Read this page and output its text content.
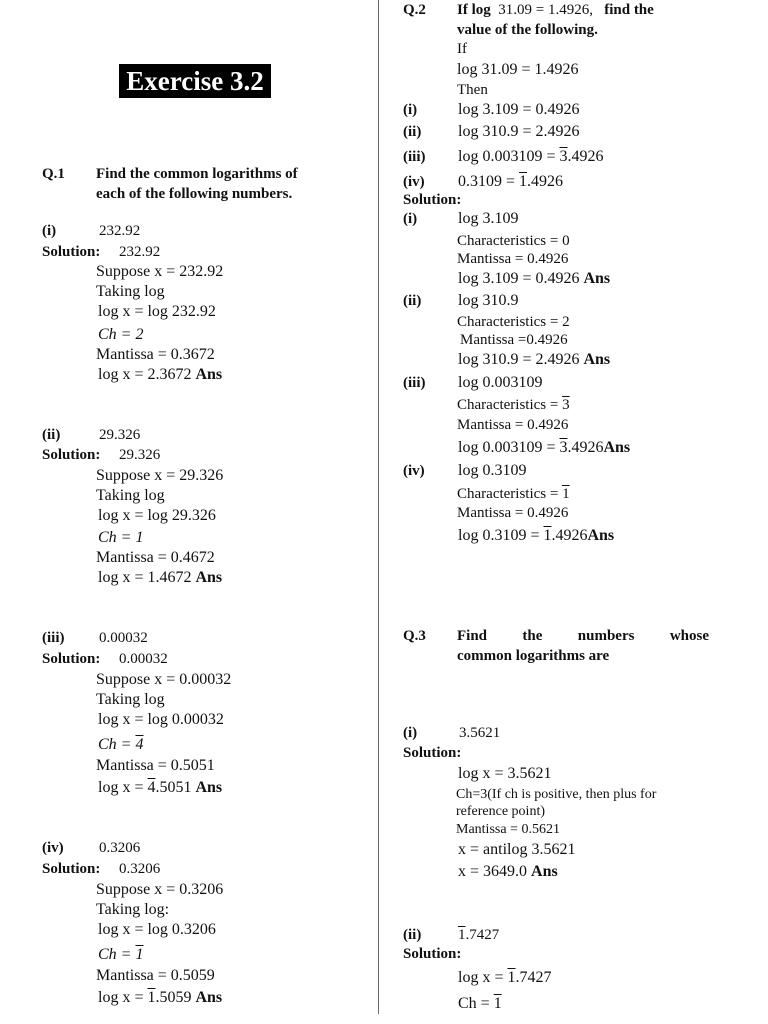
Exercise 3.2
Q.1 Find the common logarithms of
each of the following numbers.
(i)	232.92
Solution: 232.92
Suppose x = 232.92
Taking log
log x = log 232.92
Ch = 2
Mantissa = 0.3672
log x = 2.3672 Ans
(ii)	29.326
Solution: 29.326
Suppose x = 29.326
Taking log
log x = log 29.326
Ch = 1
Mantissa = 0.4672
log x = 1.4672 Ans
(iii) 0.00032
Solution: 0.00032
Suppose x = 0.00032
Taking log
log x = log 0.00032
Ch = 4
Mantissa = 0.5051
log x = 4.5051 Ans
(iv) 0.3206
Solution: 0.3206
Suppose x = 0.3206
Taking log:
log x = log 0.3206
Ch = 1
Mantissa = 0.5059
log x = 1.5059 Ans
Q.2 If log 31.09 = 1.4926, find the
value of the following.
If
log 31.09 = 1.4926
Then
(i)	log 3.109 = 0.4926
(ii) log 310.9 = 2.4926
(iii) log 0.003109 = 3.4926
(iv) 0.3109 = 1.4926
Solution:
(i)	log 3.109
Characteristics = 0
Mantissa = 0.4926
log 3.109 = 0.4926 Ans
(ii) log 310.9
Characteristics = 2
Mantissa =0.4926
log 310.9 = 2.4926 Ans
(iii) log 0.003109
Characteristics = 3
Mantissa = 0.4926
log 0.003109 = 3.4926Ans
(iv) log 0.3109
Characteristics = 1
Mantissa = 0.4926
log 0.3109 = 1.4926Ans
Q.3 Find the numbers whose
common logarithms are
(i)	3.5621
Solution:
log x = 3.5621
Ch=3(If ch is positive, then plus for
reference point)
Mantissa = 0.5621
x = antilog 3.5621
x = 3649.0 Ans
(ii) 1.7427
Solution:
log x = 1.7427
Ch = 1
